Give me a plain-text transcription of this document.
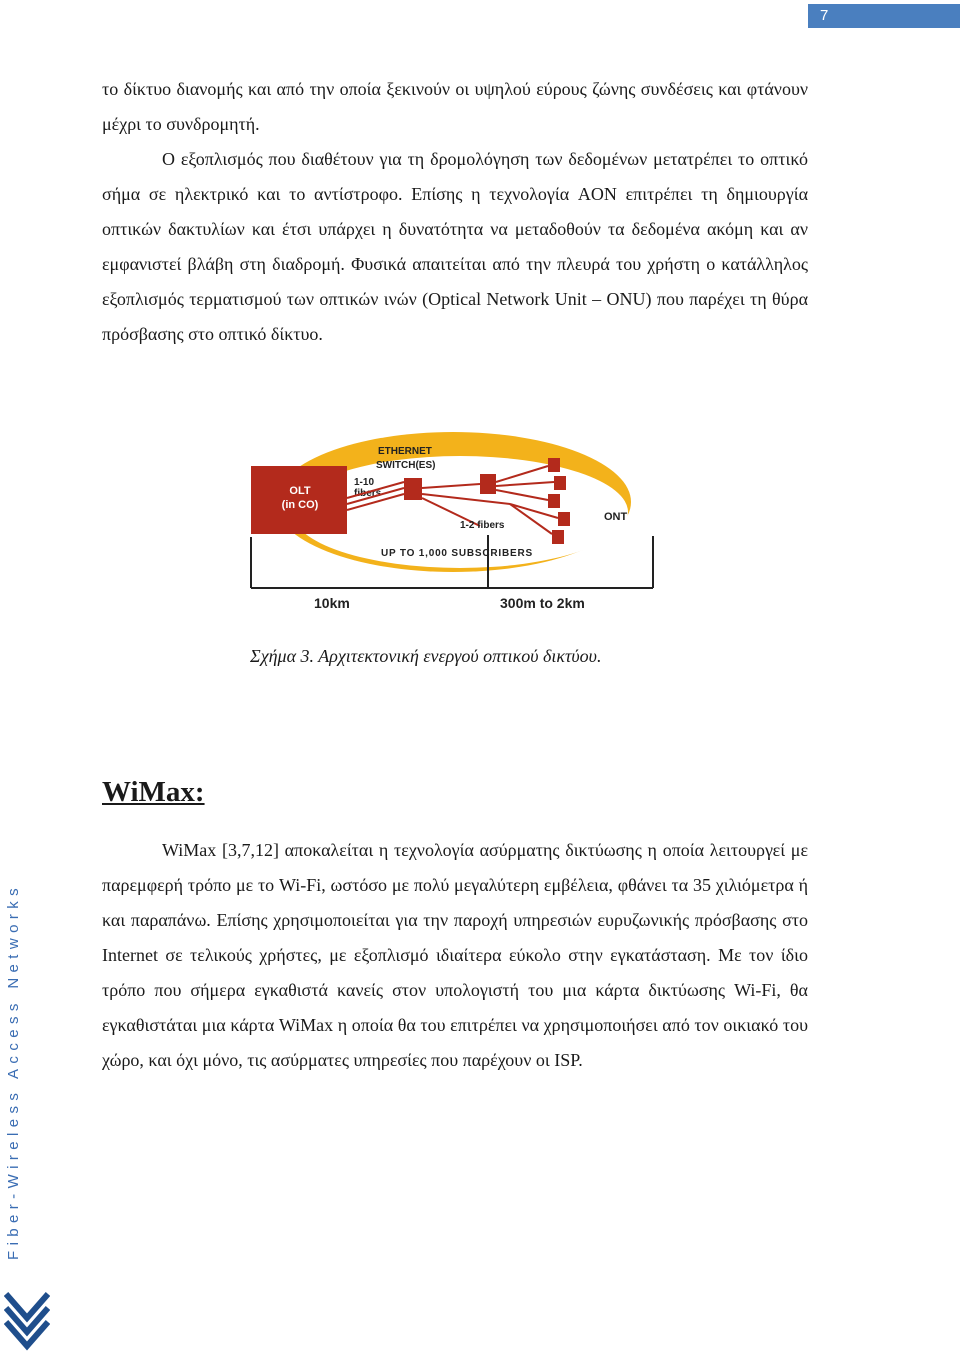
7

το δίκτυο διανομής και από την οποία ξεκινούν οι υψηλού εύρους ζώνης συνδέσεις και φτάνουν μέχρι το συνδρομητή.

Ο εξοπλισμός που διαθέτουν για τη δρομολόγηση των δεδομένων μετατρέπει το οπτικό σήμα σε ηλεκτρικό και το αντίστροφο. Επίσης η τεχνολογία AON επιτρέπει τη δημιουργία οπτικών δακτυλίων και έτσι υπάρχει η δυνατότητα να μεταδοθούν τα δεδομένα ακόμη και αν εμφανιστεί βλάβη στη διαδρομή. Φυσικά απαιτείται από την πλευρά του χρήστη ο κατάλληλος εξοπλισμός τερματισμού των οπτικών ινών (Optical Network Unit – ONU) που παρέχει τη θύρα πρόσβασης στο οπτικό δίκτυο.

Point-to-Point (P2P) Switched Ethernet
OLT
(in CO)
ETHERNET
SWITCH(ES)
1-10
fibers
1-2 fibers
ONT
UP TO 1,000 SUBSCRIBERS
10km	300m to 2km
Σχήμα 3. Αρχιτεκτονική ενεργού οπτικού δικτύου.
WiMax:

WiMax [3,7,12] αποκαλείται η τεχνολογία ασύρματης δικτύωσης η οποία λειτουργεί με παρεμφερή τρόπο με το Wi-Fi, ωστόσο με πολύ μεγαλύτερη εμβέλεια, φθάνει τα 35 χιλιόμετρα ή και παραπάνω. Επίσης χρησιμοποιείται για την παροχή υπηρεσιών ευρυζωνικής πρόσβασης στο Internet σε τελικούς χρήστες, με εξοπλισμό ιδιαίτερα εύκολο στην εγκατάσταση. Με τον ίδιο τρόπο που σήμερα εγκαθιστά κανείς στον υπολογιστή του μια κάρτα δικτύωσης Wi-Fi, θα εγκαθιστάται μια κάρτα WiMax η οποία θα του επιτρέπει να χρησιμοποιήσει από τον οικιακό του χώρο, και όχι μόνο, τις ασύρματες υπηρεσίες που παρέχουν οι ISP.

Fiber-Wireless Access Networks
